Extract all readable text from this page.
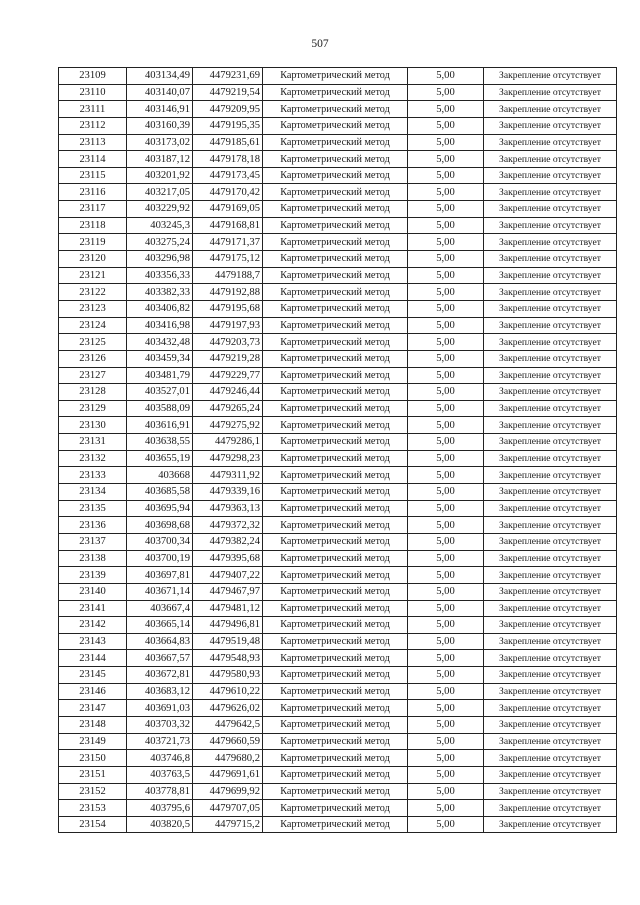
507
23109	403134,49	4479231,69	Картометрический метод	5,00	Закрепление отсутствует
23110	403140,07	4479219,54	Картометрический метод	5,00	Закрепление отсутствует
23111	403146,91	4479209,95	Картометрический метод	5,00	Закрепление отсутствует
23112	403160,39	4479195,35	Картометрический метод	5,00	Закрепление отсутствует
23113	403173,02	4479185,61	Картометрический метод	5,00	Закрепление отсутствует
23114	403187,12	4479178,18	Картометрический метод	5,00	Закрепление отсутствует
23115	403201,92	4479173,45	Картометрический метод	5,00	Закрепление отсутствует
23116	403217,05	4479170,42	Картометрический метод	5,00	Закрепление отсутствует
23117	403229,92	4479169,05	Картометрический метод	5,00	Закрепление отсутствует
23118	403245,3	4479168,81	Картометрический метод	5,00	Закрепление отсутствует
23119	403275,24	4479171,37	Картометрический метод	5,00	Закрепление отсутствует
23120	403296,98	4479175,12	Картометрический метод	5,00	Закрепление отсутствует
23121	403356,33	4479188,7	Картометрический метод	5,00	Закрепление отсутствует
23122	403382,33	4479192,88	Картометрический метод	5,00	Закрепление отсутствует
23123	403406,82	4479195,68	Картометрический метод	5,00	Закрепление отсутствует
23124	403416,98	4479197,93	Картометрический метод	5,00	Закрепление отсутствует
23125	403432,48	4479203,73	Картометрический метод	5,00	Закрепление отсутствует
23126	403459,34	4479219,28	Картометрический метод	5,00	Закрепление отсутствует
23127	403481,79	4479229,77	Картометрический метод	5,00	Закрепление отсутствует
23128	403527,01	4479246,44	Картометрический метод	5,00	Закрепление отсутствует
23129	403588,09	4479265,24	Картометрический метод	5,00	Закрепление отсутствует
23130	403616,91	4479275,92	Картометрический метод	5,00	Закрепление отсутствует
23131	403638,55	4479286,1	Картометрический метод	5,00	Закрепление отсутствует
23132	403655,19	4479298,23	Картометрический метод	5,00	Закрепление отсутствует
23133	403668	4479311,92	Картометрический метод	5,00	Закрепление отсутствует
23134	403685,58	4479339,16	Картометрический метод	5,00	Закрепление отсутствует
23135	403695,94	4479363,13	Картометрический метод	5,00	Закрепление отсутствует
23136	403698,68	4479372,32	Картометрический метод	5,00	Закрепление отсутствует
23137	403700,34	4479382,24	Картометрический метод	5,00	Закрепление отсутствует
23138	403700,19	4479395,68	Картометрический метод	5,00	Закрепление отсутствует
23139	403697,81	4479407,22	Картометрический метод	5,00	Закрепление отсутствует
23140	403671,14	4479467,97	Картометрический метод	5,00	Закрепление отсутствует
23141	403667,4	4479481,12	Картометрический метод	5,00	Закрепление отсутствует
23142	403665,14	4479496,81	Картометрический метод	5,00	Закрепление отсутствует
23143	403664,83	4479519,48	Картометрический метод	5,00	Закрепление отсутствует
23144	403667,57	4479548,93	Картометрический метод	5,00	Закрепление отсутствует
23145	403672,81	4479580,93	Картометрический метод	5,00	Закрепление отсутствует
23146	403683,12	4479610,22	Картометрический метод	5,00	Закрепление отсутствует
23147	403691,03	4479626,02	Картометрический метод	5,00	Закрепление отсутствует
23148	403703,32	4479642,5	Картометрический метод	5,00	Закрепление отсутствует
23149	403721,73	4479660,59	Картометрический метод	5,00	Закрепление отсутствует
23150	403746,8	4479680,2	Картометрический метод	5,00	Закрепление отсутствует
23151	403763,5	4479691,61	Картометрический метод	5,00	Закрепление отсутствует
23152	403778,81	4479699,92	Картометрический метод	5,00	Закрепление отсутствует
23153	403795,6	4479707,05	Картометрический метод	5,00	Закрепление отсутствует
23154	403820,5	4479715,2	Картометрический метод	5,00	Закрепление отсутствует
